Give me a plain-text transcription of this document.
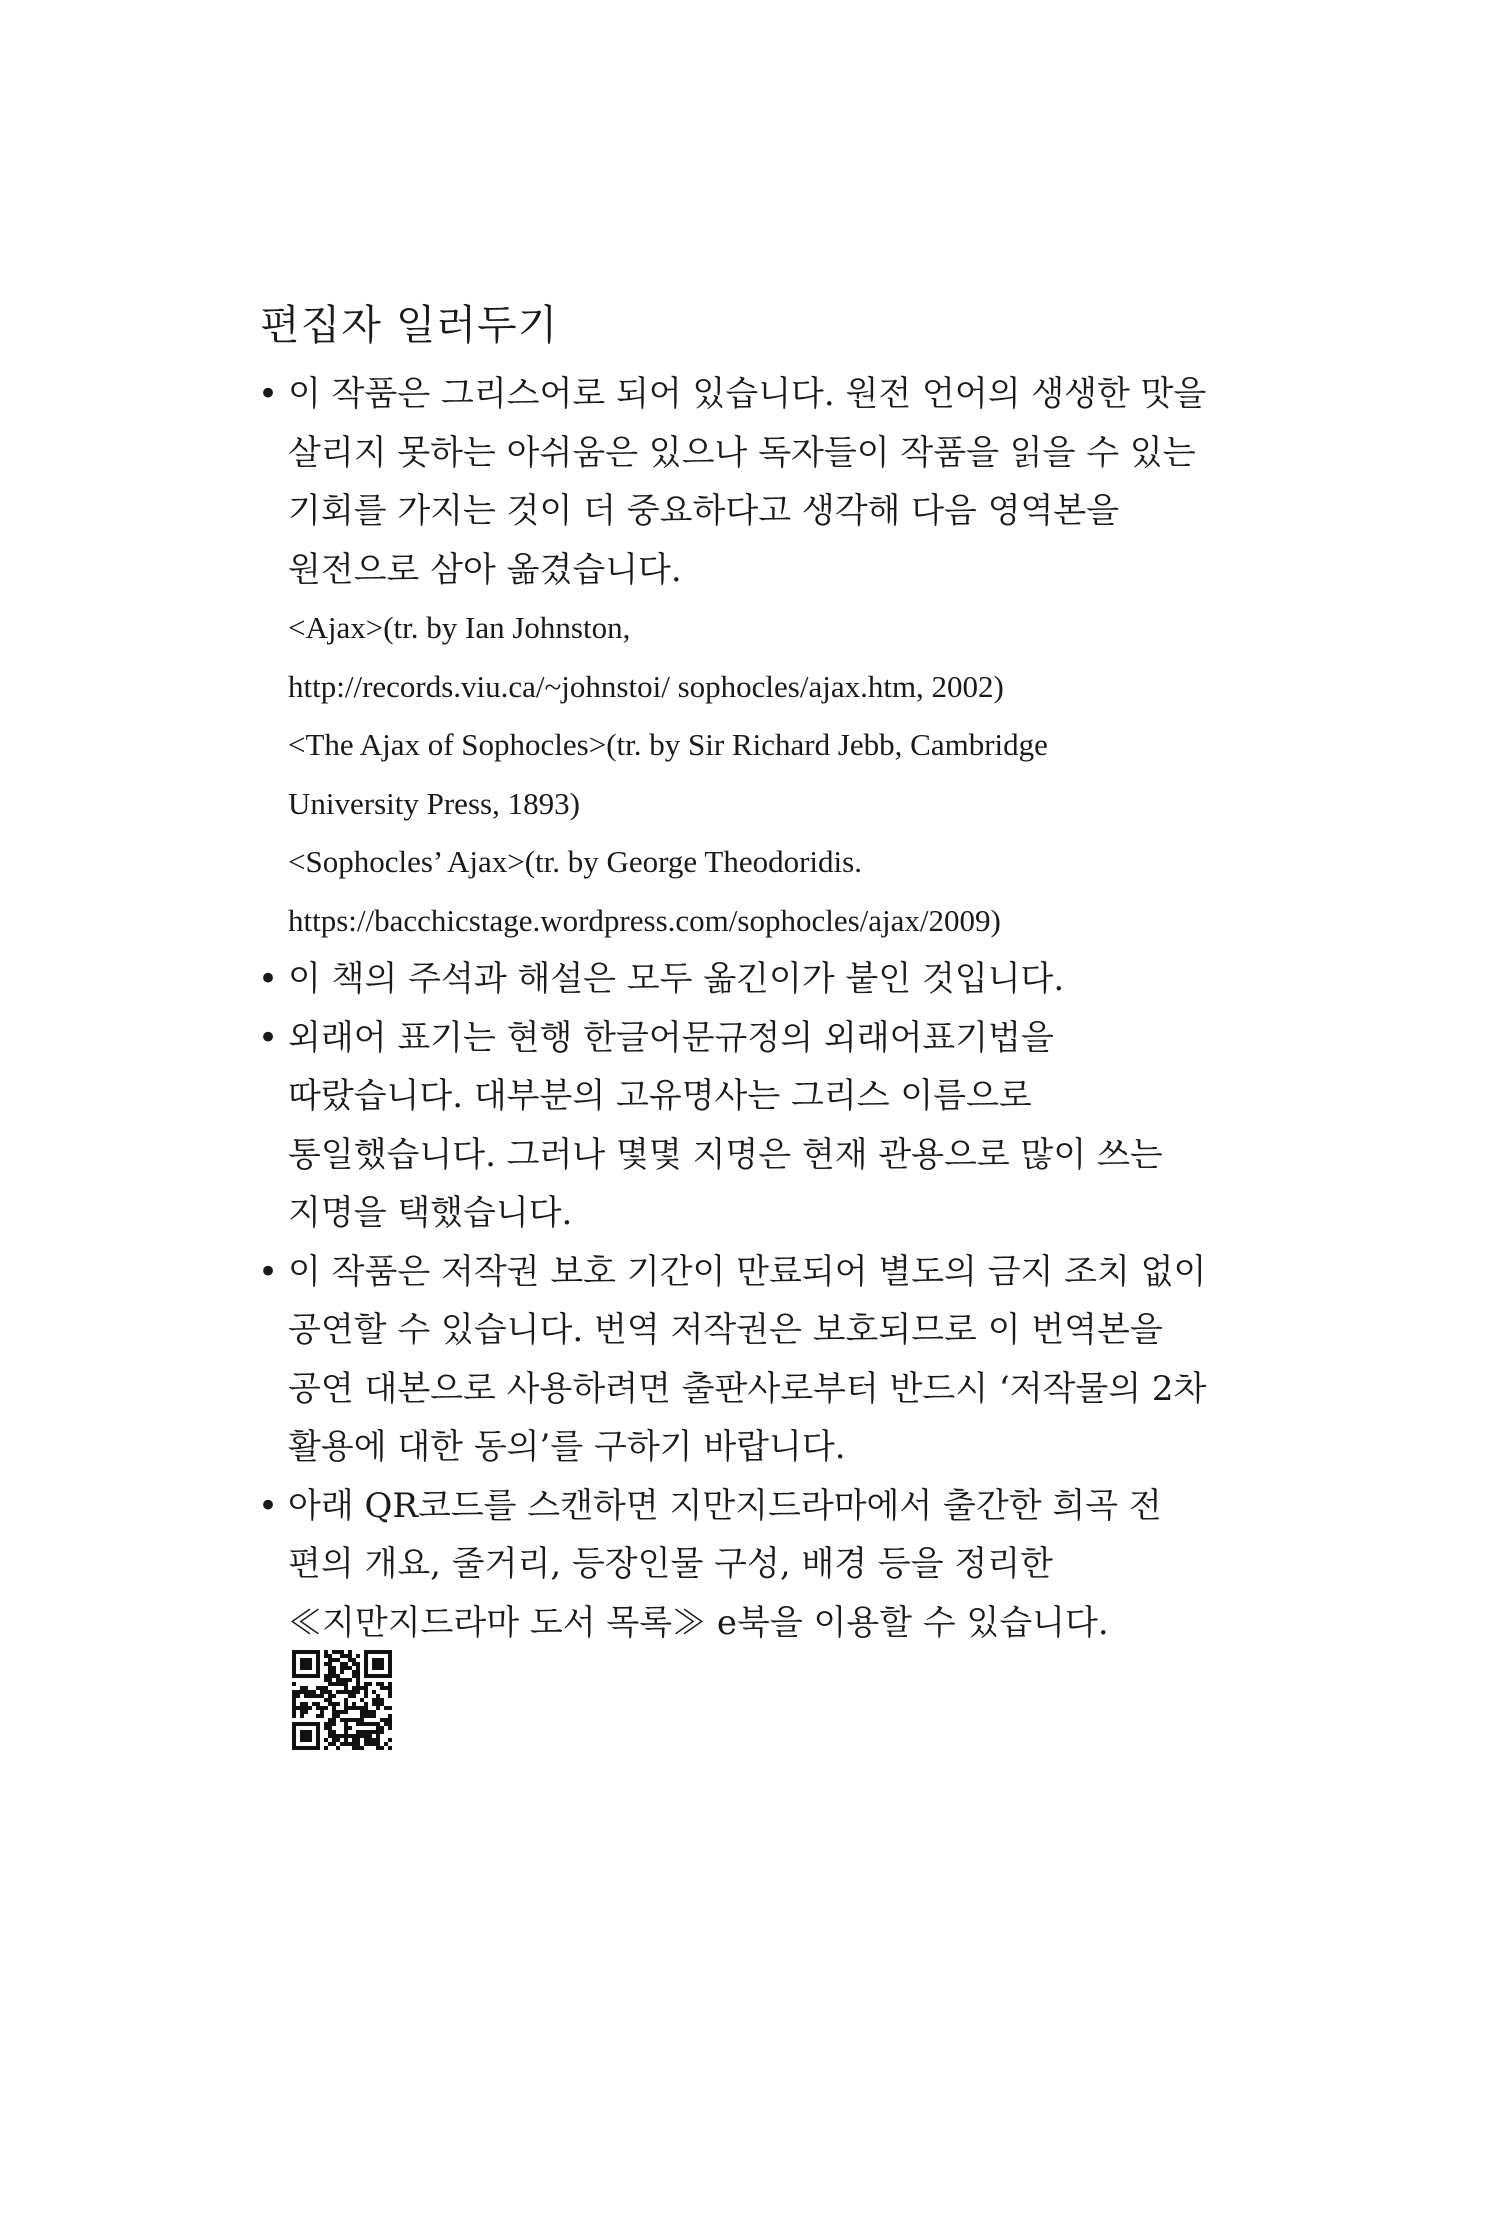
편집자 일러두기
• 이 작품은 그리스어로 되어 있습니다. 원전 언어의 생생한 맛을
살리지 못하는 아쉬움은 있으나 독자들이 작품을 읽을 수 있는
기회를 가지는 것이 더 중요하다고 생각해 다음 영역본을
원전으로 삼아 옮겼습니다.
<Ajax>(tr. by Ian Johnston,
http://records.viu.ca/~johnstoi/ sophocles/ajax.htm, 2002)
<The Ajax of Sophocles>(tr. by Sir Richard Jebb, Cambridge
University Press, 1893)
<Sophocles’ Ajax>(tr. by George Theodoridis.
https://bacchicstage.wordpress.com/sophocles/ajax/2009)
• 이 책의 주석과 해설은 모두 옮긴이가 붙인 것입니다.
• 외래어 표기는 현행 한글어문규정의 외래어표기법을
따랐습니다. 대부분의 고유명사는 그리스 이름으로
통일했습니다. 그러나 몇몇 지명은 현재 관용으로 많이 쓰는
지명을 택했습니다.
• 이 작품은 저작권 보호 기간이 만료되어 별도의 금지 조치 없이
공연할 수 있습니다. 번역 저작권은 보호되므로 이 번역본을
공연 대본으로 사용하려면 출판사로부터 반드시 ‘저작물의 2차
활용에 대한 동의’를 구하기 바랍니다.
• 아래 QR코드를 스캔하면 지만지드라마에서 출간한 희곡 전
편의 개요, 줄거리, 등장인물 구성, 배경 등을 정리한
≪지만지드라마 도서 목록≫ e북을 이용할 수 있습니다.
